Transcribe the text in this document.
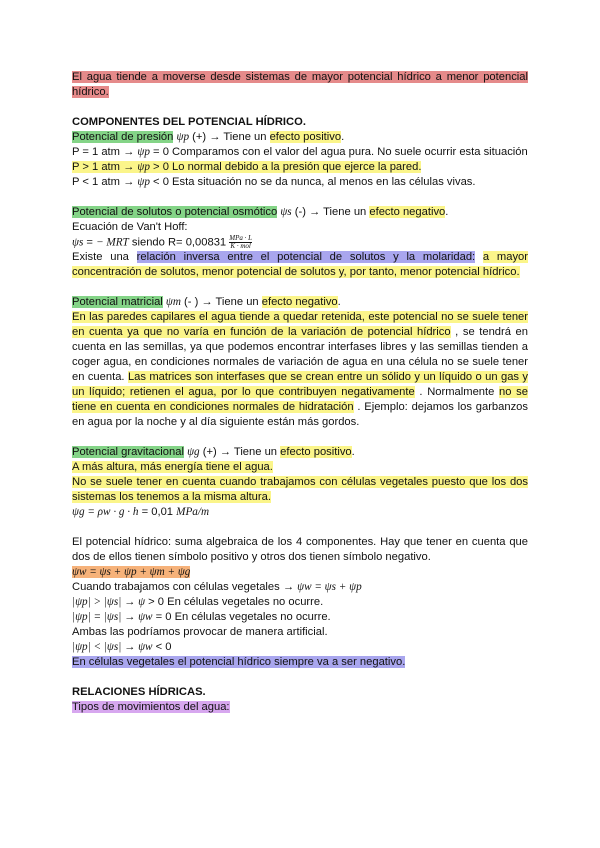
El agua tiende a moverse desde sistemas de mayor potencial hídrico a menor potencial
hídrico.
COMPONENTES DEL POTENCIAL HÍDRICO.
Potencial de presión ψp (+) → Tiene un efecto positivo.
P = 1 atm → ψp = 0 Comparamos con el valor del agua pura. No suele ocurrir esta situación
P > 1 atm → ψp > 0 Lo normal debido a la presión que ejerce la pared.
P < 1 atm → ψp < 0 Esta situación no se da nunca, al menos en las células vivas.
Potencial de solutos o potencial osmótico ψs (-) → Tiene un efecto negativo.
Ecuación de Van't Hoff:
ψs = − MRT siendo $R= 0,00831 \frac{\text{MPa · L}}{\text{K · mol}}$
Existe una relación inversa entre el potencial de solutos y la molaridad: a mayor
concentración de solutos, menor potencial de solutos y, por tanto, menor potencial hídrico.
Potencial matricial ψm (- ) → Tiene un efecto negativo.
En las paredes capilares el agua tiende a quedar retenida, este potencial no se suele tener
en cuenta ya que no varía en función de la variación de potencial hídrico , se tendrá en
cuenta en las semillas, ya que podemos encontrar interfases libres y las semillas tienden a
coger agua, en condiciones normales de variación de agua en una célula no se suele tener
en cuenta. Las matrices son interfases que se crean entre un sólido y un líquido o un gas y
un líquido; retienen el agua, por lo que contribuyen negativamente . Normalmente no se
tiene en cuenta en condiciones normales de hidratación . Ejemplo: dejamos los garbanzos
en agua por la noche y al día siguiente están más gordos.
Potencial gravitacional ψg (+) → Tiene un efecto positivo.
A más altura, más energía tiene el agua.
No se suele tener en cuenta cuando trabajamos con células vegetales puesto que los dos
sistemas los tenemos a la misma altura.
ψg = ρw · g · h = 0,01 MPa/m
El potencial hídrico: suma algebraica de los 4 componentes. Hay que tener en cuenta que
dos de ellos tienen símbolo positivo y otros dos tienen símbolo negativo.
ψw = ψs + ψp + ψm + ψg
Cuando trabajamos con células vegetales → ψw = ψs + ψp
|ψp| > |ψs| → ψ > 0 En células vegetales no ocurre.
|ψp| = |ψs| → ψw = 0 En células vegetales no ocurre.
Ambas las podríamos provocar de manera artificial.
|ψp| < |ψs| → ψw < 0
En células vegetales el potencial hídrico siempre va a ser negativo.
RELACIONES HÍDRICAS.
Tipos de movimientos del agua:
